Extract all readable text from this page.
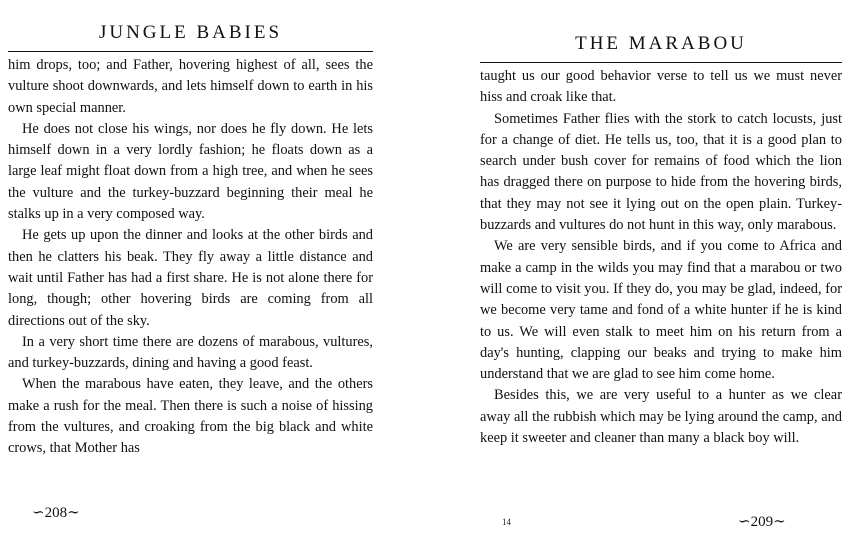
JUNGLE BABIES

him drops, too; and Father, hovering highest of all, sees the vulture shoot downwards, and lets himself down to earth in his own special manner.

He does not close his wings, nor does he fly down. He lets himself down in a very lordly fashion; he floats down as a large leaf might float down from a high tree, and when he sees the vulture and the turkey-buzzard beginning their meal he stalks up in a very composed way.

He gets up upon the dinner and looks at the other birds and then he clatters his beak. They fly away a little distance and wait until Father has had a first share. He is not alone there for long, though; other hovering birds are coming from all directions out of the sky.

In a very short time there are dozens of marabous, vultures, and turkey-buzzards, dining and having a good feast.

When the marabous have eaten, they leave, and the others make a rush for the meal. Then there is such a noise of hissing from the vultures, and croaking from the big black and white crows, that Mother has

∽208∼
THE MARABOU

taught us our good behavior verse to tell us we must never hiss and croak like that.

Sometimes Father flies with the stork to catch locusts, just for a change of diet. He tells us, too, that it is a good plan to search under bush cover for remains of food which the lion has dragged there on purpose to hide from the hovering birds, that they may not see it lying out on the open plain. Turkey-buzzards and vultures do not hunt in this way, only marabous.

We are very sensible birds, and if you come to Africa and make a camp in the wilds you may find that a marabou or two will come to visit you. If they do, you may be glad, indeed, for we become very tame and fond of a white hunter if he is kind to us. We will even stalk to meet him on his return from a day's hunting, clapping our beaks and trying to make him understand that we are glad to see him come home.

Besides this, we are very useful to a hunter as we clear away all the rubbish which may be lying around the camp, and keep it sweeter and cleaner than many a black boy will.

14	∽209∼
